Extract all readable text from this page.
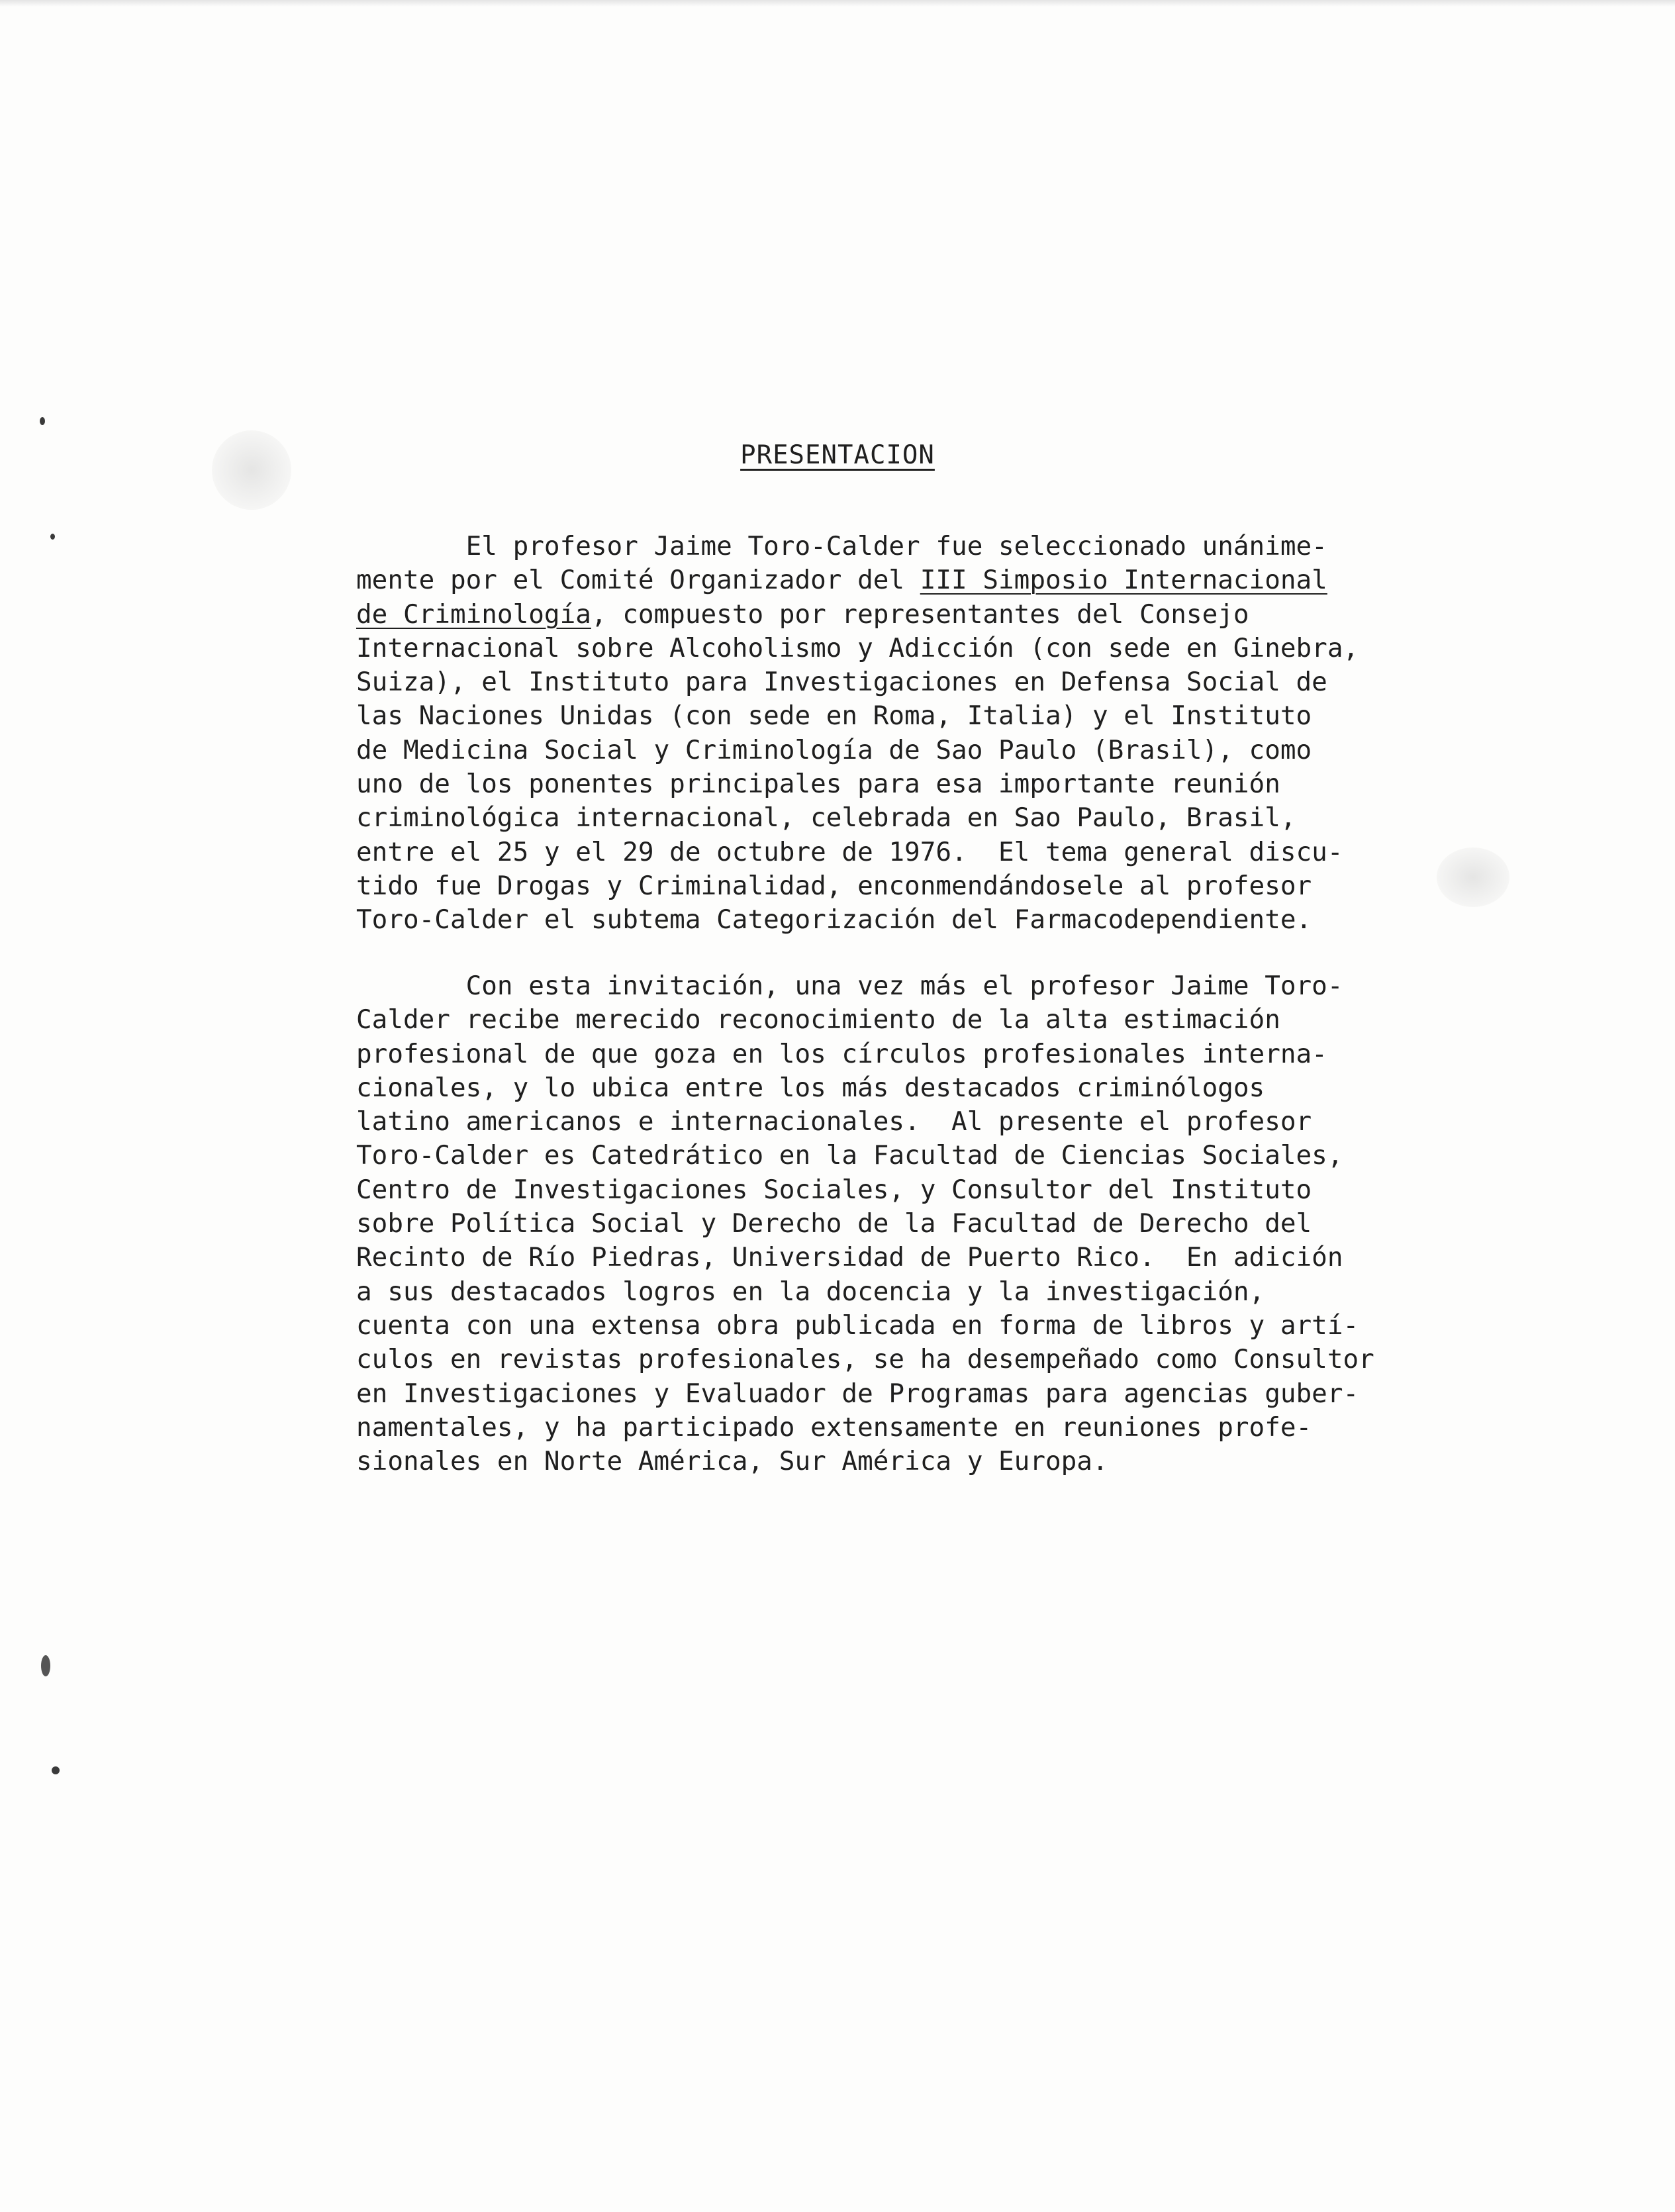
PRESENTACION

El profesor Jaime Toro-Calder fue seleccionado unánime-
mente por el Comité Organizador del III Simposio Internacional
de Criminología, compuesto por representantes del Consejo
Internacional sobre Alcoholismo y Adicción (con sede en Ginebra,
Suiza), el Instituto para Investigaciones en Defensa Social de
las Naciones Unidas (con sede en Roma, Italia) y el Instituto
de Medicina Social y Criminología de Sao Paulo (Brasil), como
uno de los ponentes principales para esa importante reunión
criminológica internacional, celebrada en Sao Paulo, Brasil,
entre el 25 y el 29 de octubre de 1976.  El tema general discu-
tido fue Drogas y Criminalidad, enconmendándosele al profesor
Toro-Calder el subtema Categorización del Farmacodependiente.

Con esta invitación, una vez más el profesor Jaime Toro-
Calder recibe merecido reconocimiento de la alta estimación
profesional de que goza en los círculos profesionales interna-
cionales, y lo ubica entre los más destacados criminólogos
latino americanos e internacionales.  Al presente el profesor
Toro-Calder es Catedrático en la Facultad de Ciencias Sociales,
Centro de Investigaciones Sociales, y Consultor del Instituto
sobre Política Social y Derecho de la Facultad de Derecho del
Recinto de Río Piedras, Universidad de Puerto Rico.  En adición
a sus destacados logros en la docencia y la investigación,
cuenta con una extensa obra publicada en forma de libros y artí-
culos en revistas profesionales, se ha desempeñado como Consultor
en Investigaciones y Evaluador de Programas para agencias guber-
namentales, y ha participado extensamente en reuniones profe-
sionales en Norte América, Sur América y Europa.
